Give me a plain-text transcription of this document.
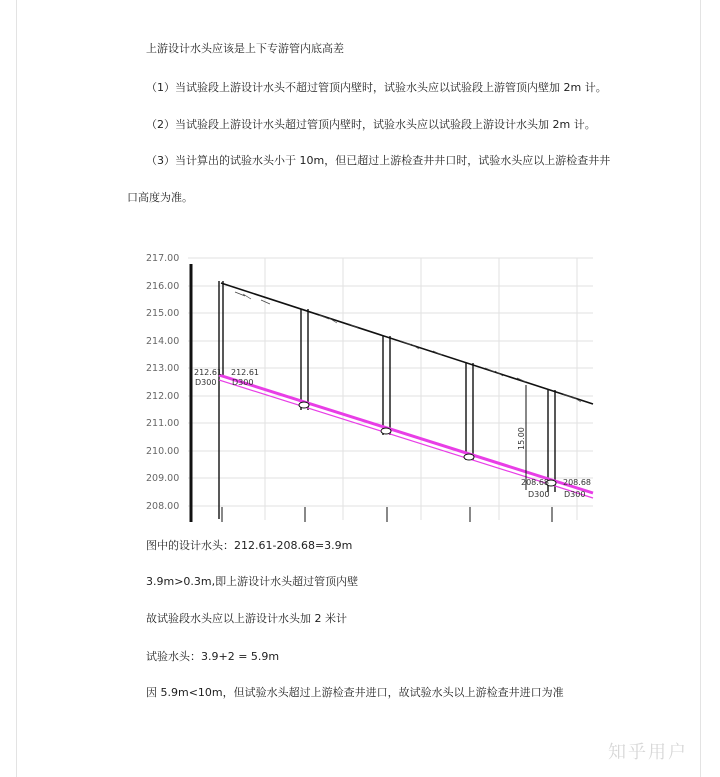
上游设计水头应该是上下专游管内底高差
（1）当试验段上游设计水头不超过管顶内壁时，试验水头应以试验段上游管顶内壁加 2m 计。
（2）当试验段上游设计水头超过管顶内壁时，试验水头应以试验段上游设计水头加 2m 计。
（3）当计算出的试验水头小于 10m，但已超过上游检查井井口时，试验水头应以上游检查井井
口高度为准。
217.00
216.00
215.00
214.00
213.00
212.00
211.00
210.00
209.00
208.00
15.00
212.61
D300
212.61
D300
208.68
D300
208.68
D300
图中的设计水头：212.61-208.68=3.9m
3.9m>0.3m,即上游设计水头超过管顶内壁
故试验段水头应以上游设计水头加 2 米计
试验水头：3.9+2 = 5.9m
因 5.9m<10m，但试验水头超过上游检查井进口，故试验水头以上游检查井进口为准
知乎用户
